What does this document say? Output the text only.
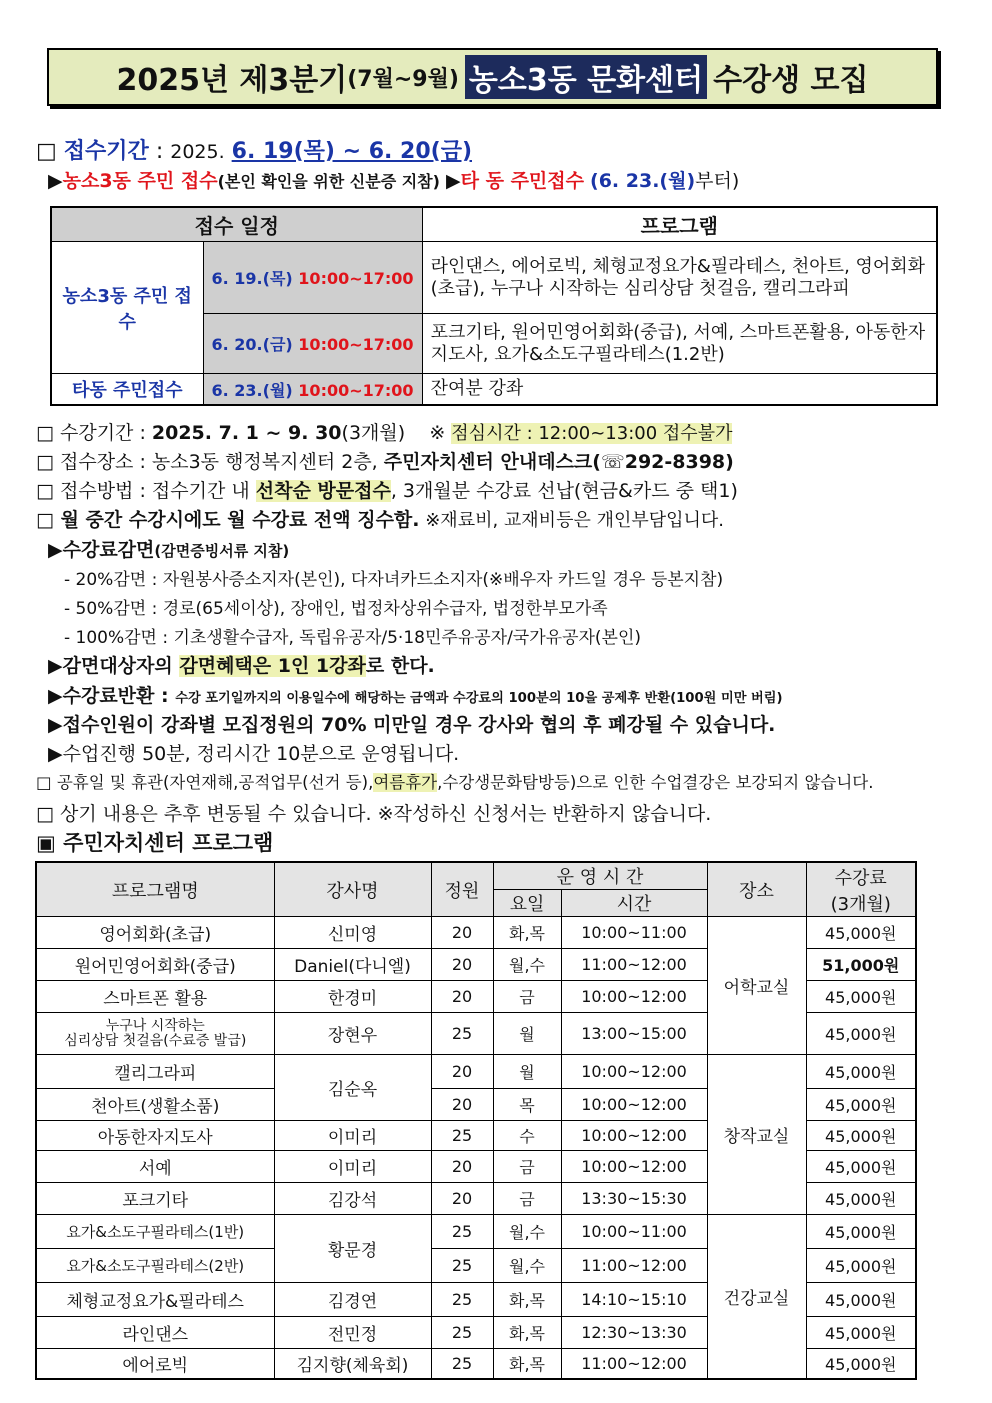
2025년 제3분기 (7월~9월) 농소3동 문화센터 수강생 모집
□ 접수기간 : 2025. 6. 19(목) ~ 6. 20(금)
▶농소3동 주민 접수(본인 확인을 위한 신분증 지참) ▶타 동 주민접수 (6. 23.(월)부터)
접수 일정		프로그램
농소3동 주민 접수	6. 19.(목) 10:00~17:00	라인댄스, 에어로빅, 체형교정요가&필라테스, 천아트, 영어회화(초급), 누구나 시작하는 심리상담 첫걸음, 캘리그라피
	6. 20.(금) 10:00~17:00	포크기타, 원어민영어회화(중급), 서예, 스마트폰활용, 아동한자지도사, 요가&소도구필라테스(1.2반)
타동 주민접수	6. 23.(월) 10:00~17:00	잔여분 강좌
□ 수강기간 : 2025. 7. 1 ~ 9. 30(3개월) ※ 점심시간 : 12:00~13:00 접수불가
□ 접수장소 : 농소3동 행정복지센터 2층, 주민자치센터 안내데스크(☏292-8398)
□ 접수방법 : 접수기간 내 선착순 방문접수, 3개월분 수강료 선납(현금&카드 중 택1)
□ 월 중간 수강시에도 월 수강료 전액 징수함. ※재료비, 교재비등은 개인부담입니다.
▶수강료감면(감면증빙서류 지참)
- 20%감면 : 자원봉사증소지자(본인), 다자녀카드소지자(※배우자 카드일 경우 등본지참)
- 50%감면 : 경로(65세이상), 장애인, 법정차상위수급자, 법정한부모가족
- 100%감면 : 기초생활수급자, 독립유공자/5·18민주유공자/국가유공자(본인)
▶감면대상자의 감면혜택은 1인 1강좌로 한다.
▶수강료반환 : 수강 포기일까지의 이용일수에 해당하는 금액과 수강료의 100분의 10을 공제후 반환(100원 미만 버림)
▶접수인원이 강좌별 모집정원의 70% 미만일 경우 강사와 협의 후 폐강될 수 있습니다.
▶수업진행 50분, 정리시간 10분으로 운영됩니다.
□ 공휴일 및 휴관(자연재해,공적업무(선거 등),여름휴가,수강생문화탐방등)으로 인한 수업결강은 보강되지 않습니다.
□ 상기 내용은 추후 변동될 수 있습니다. ※작성하신 신청서는 반환하지 않습니다.
▣ 주민자치센터 프로그램
프로그램명	강사명	정원	운 영 시 간		장소	수강료
(3개월)
			요일	시간		
영어회화(초급)	신미영	20	화,목	10:00~11:00	어학교실	45,000원
원어민영어회화(중급)	Daniel(다니엘)	20	월,수	11:00~12:00		51,000원
스마트폰 활용	한경미	20	금	10:00~12:00		45,000원
누구나 시작하는
심리상담 첫걸음(수료증 발급)	장현우	25	월	13:00~15:00		45,000원
캘리그라피	김순옥	20	월	10:00~12:00	창작교실	45,000원
천아트(생활소품)		20	목	10:00~12:00		45,000원
아동한자지도사	이미리	25	수	10:00~12:00		45,000원
서예	이미리	20	금	10:00~12:00		45,000원
포크기타	김강석	20	금	13:30~15:30		45,000원
요가&소도구필라테스(1반)	황문경	25	월,수	10:00~11:00	건강교실	45,000원
요가&소도구필라테스(2반)		25	월,수	11:00~12:00		45,000원
체형교정요가&필라테스	김경연	25	화,목	14:10~15:10		45,000원
라인댄스	전민정	25	화,목	12:30~13:30		45,000원
에어로빅	김지향(체육회)	25	화,목	11:00~12:00		45,000원
